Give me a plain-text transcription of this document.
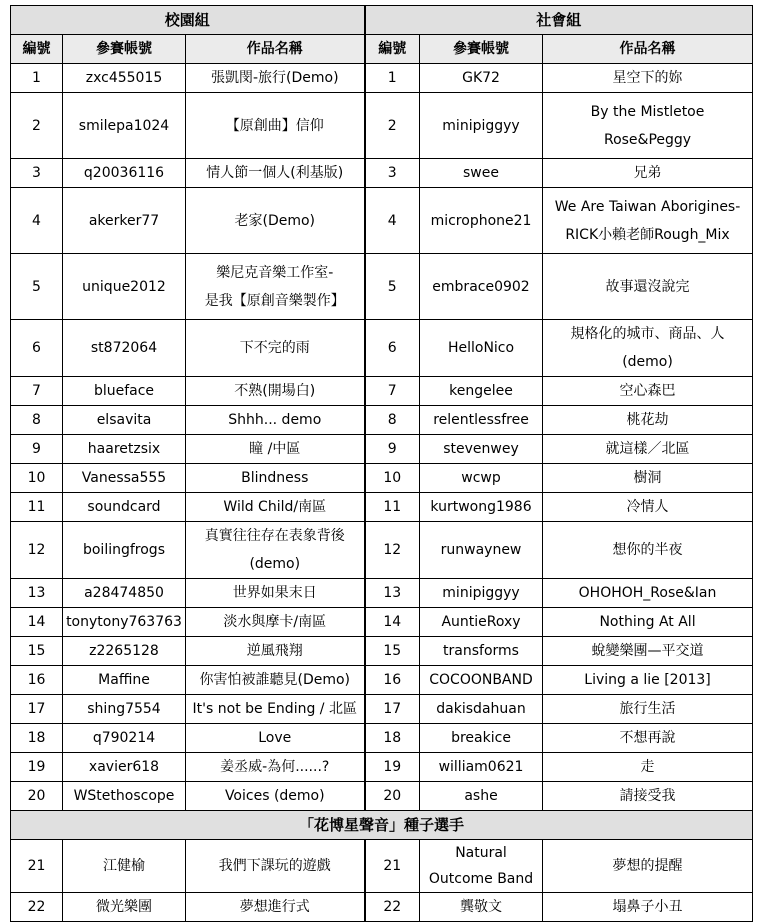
校園組			社會組		
編號	參賽帳號	作品名稱	編號	參賽帳號	作品名稱
1	zxc455015	張凱閔-旅行(Demo)	1	GK72	星空下的妳
2	smilepa1024	【原創曲】信仰	2	minipiggyy	By the Mistletoe
Rose&Peggy

3	q20036116	情人節一個人(利基版)	3	swee	兄弟
4	akerker77	老家(Demo)	4	microphone21	We Are Taiwan Aborigines-
RICK小賴老師Rough_Mix

5	unique2012	樂尼克音樂工作室-
是我【原創音樂製作】	5	embrace0902	故事還沒說完
6	st872064	下不完的雨	6	HelloNico	規格化的城市、商品、人
(demo)

7	blueface	不熟(開場白)	7	kengelee	空心森巴
8	elsavita	Shhh... demo	8	relentlessfree	桃花劫
9	haaretzsix	瞳 /中區	9	stevenwey	就這樣／北區
10	Vanessa555	Blindness	10	wcwp	樹洞
11	soundcard	Wild Child/南區	11	kurtwong1986	冷情人
12	boilingfrogs	真實往往存在表象背後
(demo)	12	runwaynew	想你的半夜
13	a28474850	世界如果末日	13	minipiggyy	OHOHOH_Rose&Ian
14	tonytony763763	淡水與摩卡/南區	14	AuntieRoxy	Nothing At All
15	z2265128	逆風飛翔	15	transforms	蛻變樂團—平交道
16	Maffine	你害怕被誰聽見(Demo)	16	COCOONBAND	Living a lie [2013]
17	shing7554	It's not be Ending / 北區	17	dakisdahuan	旅行生活
18	q790214	Love	18	breakice	不想再說
19	xavier618	姜丞威-為何......?	19	william0621	走
20	WStethoscope	Voices (demo)	20	ashe	請接受我
「花博星聲音」種子選手					
21	江健榆	我們下課玩的遊戲	21	Natural
Outcome Band	夢想的提醒
22	微光樂團	夢想進行式	22	龔敬文	塌鼻子小丑
